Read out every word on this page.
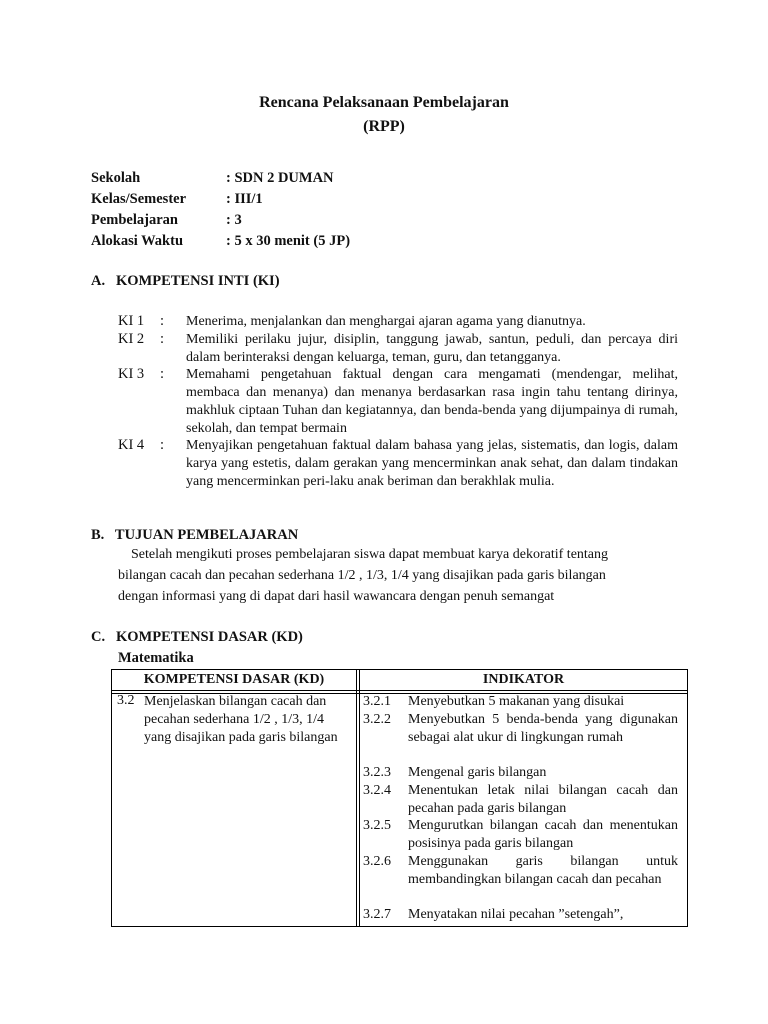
Rencana Pelaksanaan Pembelajaran
(RPP)
Sekolah	: SDN 2 DUMAN
Kelas/Semester	: III/1
Pembelajaran	: 3
Alokasi Waktu	: 5 x 30 menit (5 JP)
A.   KOMPETENSI INTI (KI)
KI 1 : Menerima, menjalankan dan menghargai ajaran agama yang dianutnya.
KI 2 : Memiliki perilaku jujur, disiplin, tanggung jawab, santun, peduli, dan percaya diri dalam berinteraksi dengan keluarga, teman, guru, dan tetangganya.
KI 3 : Memahami pengetahuan faktual dengan cara mengamati (mendengar, melihat, membaca dan menanya) dan menanya berdasarkan rasa ingin tahu tentang dirinya, makhluk ciptaan Tuhan dan kegiatannya, dan benda-benda yang dijumpainya di rumah, sekolah, dan tempat bermain
KI 4 : Menyajikan pengetahuan faktual dalam bahasa yang jelas, sistematis, dan logis, dalam karya yang estetis, dalam gerakan yang mencerminkan anak sehat, dan dalam tindakan yang mencerminkan peri-laku anak beriman dan berakhlak mulia.
B.   TUJUAN PEMBELAJARAN
Setelah mengikuti proses pembelajaran siswa dapat membuat karya dekoratif tentang
bilangan cacah dan pecahan sederhana 1/2 , 1/3, 1/4 yang disajikan pada garis bilangan
dengan informasi yang di dapat dari hasil wawancara dengan penuh semangat
C.   KOMPETENSI DASAR (KD)
Matematika
KOMPETENSI DASAR (KD)	INDIKATOR
3.2 Menjelaskan bilangan cacah dan pecahan sederhana 1/2 , 1/3, 1/4 yang disajikan pada garis bilangan
3.2.1 Menyebutkan 5 makanan yang disukai
3.2.2 Menyebutkan 5 benda-benda yang digunakan sebagai alat ukur di lingkungan rumah
3.2.3 Mengenal garis bilangan
3.2.4 Menentukan letak nilai bilangan cacah dan pecahan pada garis bilangan
3.2.5 Mengurutkan bilangan cacah dan menentukan posisinya pada garis bilangan
3.2.6 Menggunakan garis bilangan untuk membandingkan bilangan cacah dan pecahan
3.2.7 Menyatakan nilai pecahan ”setengah”,
